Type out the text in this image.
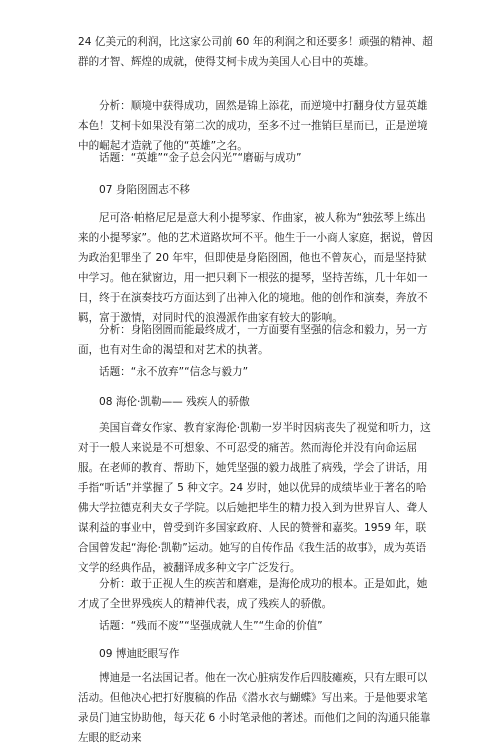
24 亿美元的利润，比这家公司前 60 年的利润之和还要多！顽强的精神、超群的才智、辉煌的成就，使得艾柯卡成为美国人心目中的英雄。

分析：顺境中获得成功，固然是锦上添花，而逆境中打翻身仗方显英雄本色！艾柯卡如果没有第二次的成功，至多不过一推销巨星而已，正是逆境中的崛起才造就了他的“英雄”之名。

话题：“英雄”“金子总会闪光”“磨砺与成功”

07 身陷囹圄志不移

尼可洛·帕格尼尼是意大利小提琴家、作曲家，被人称为“独弦琴上练出来的小提琴家”。他的艺术道路坎坷不平。他生于一小商人家庭，据说，曾因为政治犯罪坐了 20 年牢，但即使是身陷囹圄，他也不曾灰心，而是坚持狱中学习。他在狱窗边，用一把只剩下一根弦的提琴，坚持苦练，几十年如一日，终于在演奏技巧方面达到了出神入化的境地。他的创作和演奏，奔放不羁，富于激情，对同时代的浪漫派作曲家有较大的影响。

分析：身陷囹圄而能最终成才，一方面要有坚强的信念和毅力，另一方面，也有对生命的渴望和对艺术的执著。

话题：“永不放弃”“信念与毅力”

08 海伦·凯勒—— 残疾人的骄傲

美国盲聋女作家、教育家海伦·凯勒一岁半时因病丧失了视觉和听力，这对于一般人来说是不可想象、不可忍受的痛苦。然而海伦并没有向命运屈服。在老师的教育、帮助下，她凭坚强的毅力战胜了病残，学会了讲话，用手指“听话”并掌握了 5 种文字。24 岁时，她以优异的成绩毕业于著名的哈佛大学拉德克利夫女子学院。以后她把毕生的精力投入到为世界盲人、聋人谋利益的事业中，曾受到许多国家政府、人民的赞誉和嘉奖。1959 年，联合国曾发起“海伦·凯勒”运动。她写的自传作品《我生活的故事》，成为英语文学的经典作品，被翻译成多种文字广泛发行。

分析：敢于正视人生的疾苦和磨难，是海伦成功的根本。正是如此，她才成了全世界残疾人的精神代表，成了残疾人的骄傲。

话题：“残而不废”“坚强成就人生”“生命的价值”

09 博迪眨眼写作

博迪是一名法国记者。他在一次心脏病发作后四肢瘫痪，只有左眼可以活动。但他决心把打好腹稿的作品《潜水衣与蝴蝶》写出来。于是他要求笔录员门迪宝协助他，每天花 6 小时笔录他的著述。而他们之间的沟通只能靠左眼的眨动来
